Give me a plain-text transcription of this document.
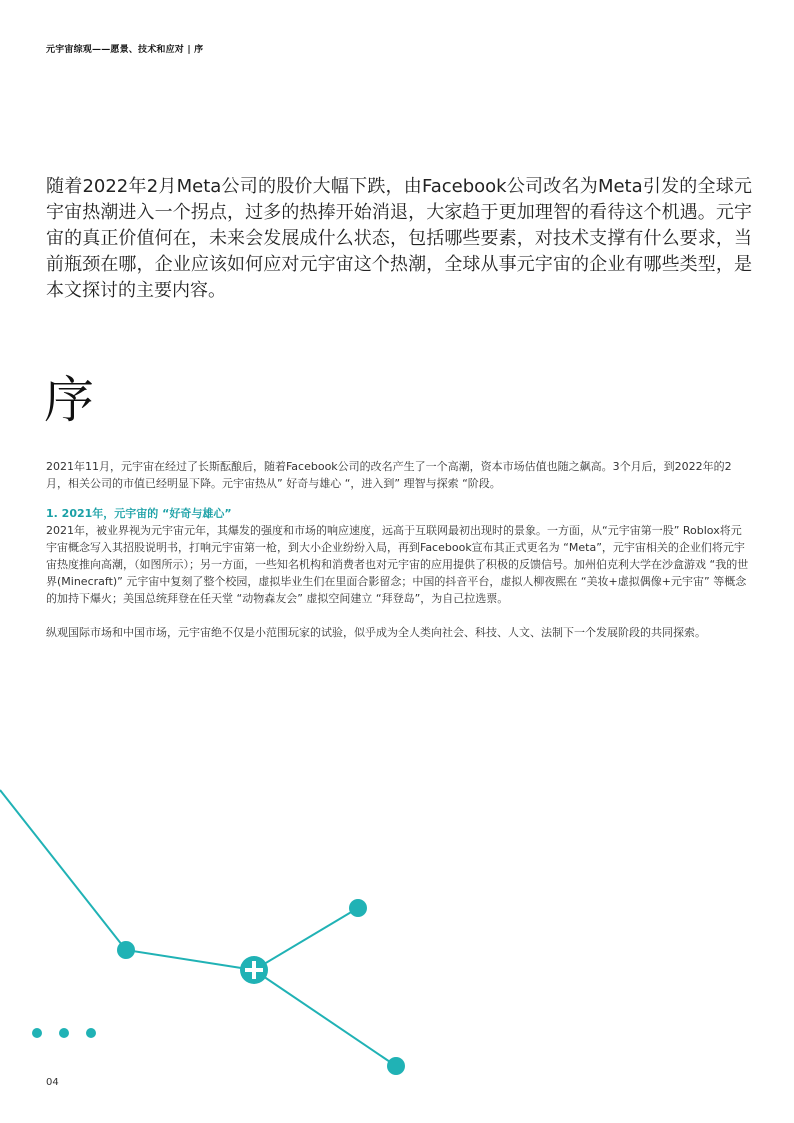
元宇宙综观——愿景、技术和应对 | 序
随着2022年2月Meta公司的股价大幅下跌，由Facebook公司改名为Meta引发的全球元宇宙热潮进入一个拐点，过多的热捧开始消退，大家趋于更加理智的看待这个机遇。元宇宙的真正价值何在，未来会发展成什么状态，包括哪些要素，对技术支撑有什么要求，当前瓶颈在哪，企业应该如何应对元宇宙这个热潮，全球从事元宇宙的企业有哪些类型，是本文探讨的主要内容。
序

2021年11月，元宇宙在经过了长斯酝酿后，随着Facebook公司的改名产生了一个高潮，资本市场估值也随之飙高。3个月后，到2022年的2月，相关公司的市值已经明显下降。元宇宙热从” 好奇与雄心 “，进入到” 理智与探索 “阶段。

1. 2021年，元宇宙的 “好奇与雄心”

2021年，被业界视为元宇宙元年，其爆发的强度和市场的响应速度，远高于互联网最初出现时的景象。一方面，从“元宇宙第一股” Roblox将元宇宙概念写入其招股说明书，打响元宇宙第一枪，到大小企业纷纷入局，再到Facebook宣布其正式更名为 “Meta”，元宇宙相关的企业们将元宇宙热度推向高潮，（如图所示）；另一方面，一些知名机构和消费者也对元宇宙的应用提供了积极的反馈信号。加州伯克利大学在沙盒游戏 “我的世界(Minecraft)” 元宇宙中复刻了整个校园，虚拟毕业生们在里面合影留念；中国的抖音平台，虚拟人柳夜熙在 “美妆+虚拟偶像+元宇宙” 等概念的加持下爆火；美国总统拜登在任天堂 “动物森友会” 虚拟空间建立 “拜登岛”，为自己拉选票。

纵观国际市场和中国市场，元宇宙绝不仅是小范围玩家的试验，似乎成为全人类向社会、科技、人文、法制下一个发展阶段的共同探索。

04
